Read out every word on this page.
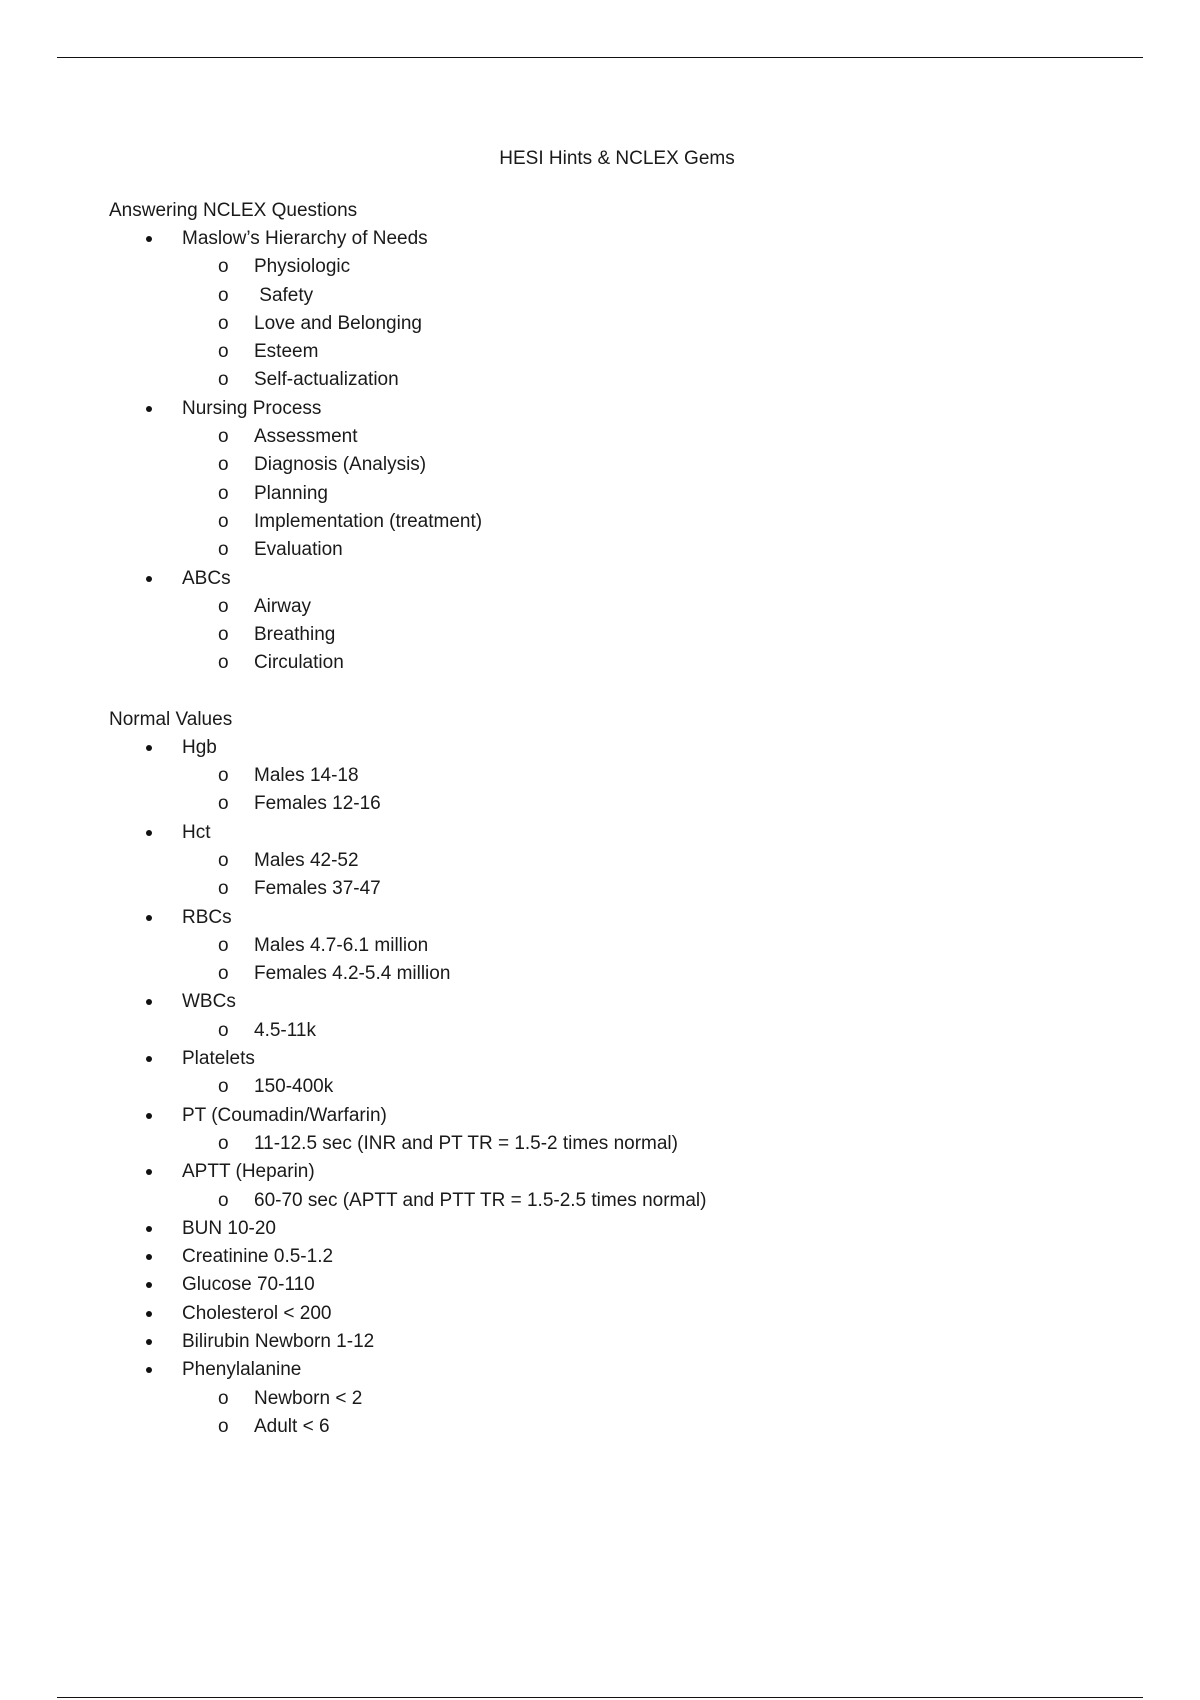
HESI Hints & NCLEX Gems
Answering NCLEX Questions
Maslow’s Hierarchy of Needs
o Physiologic
o Safety
o Love and Belonging
o Esteem
o Self-actualization
Nursing Process
o Assessment
o Diagnosis (Analysis)
o Planning
o Implementation (treatment)
o Evaluation
ABCs
o Airway
o Breathing
o Circulation
Normal Values
Hgb
o Males 14-18
o Females 12-16
Hct
o Males 42-52
o Females 37-47
RBCs
o Males 4.7-6.1 million
o Females 4.2-5.4 million
WBCs
o 4.5-11k
Platelets
o 150-400k
PT (Coumadin/Warfarin)
o 11-12.5 sec (INR and PT TR = 1.5-2 times normal)
APTT (Heparin)
o 60-70 sec (APTT and PTT TR = 1.5-2.5 times normal)
BUN 10-20
Creatinine 0.5-1.2
Glucose 70-110
Cholesterol < 200
Bilirubin Newborn 1-12
Phenylalanine
o Newborn < 2
o Adult < 6
